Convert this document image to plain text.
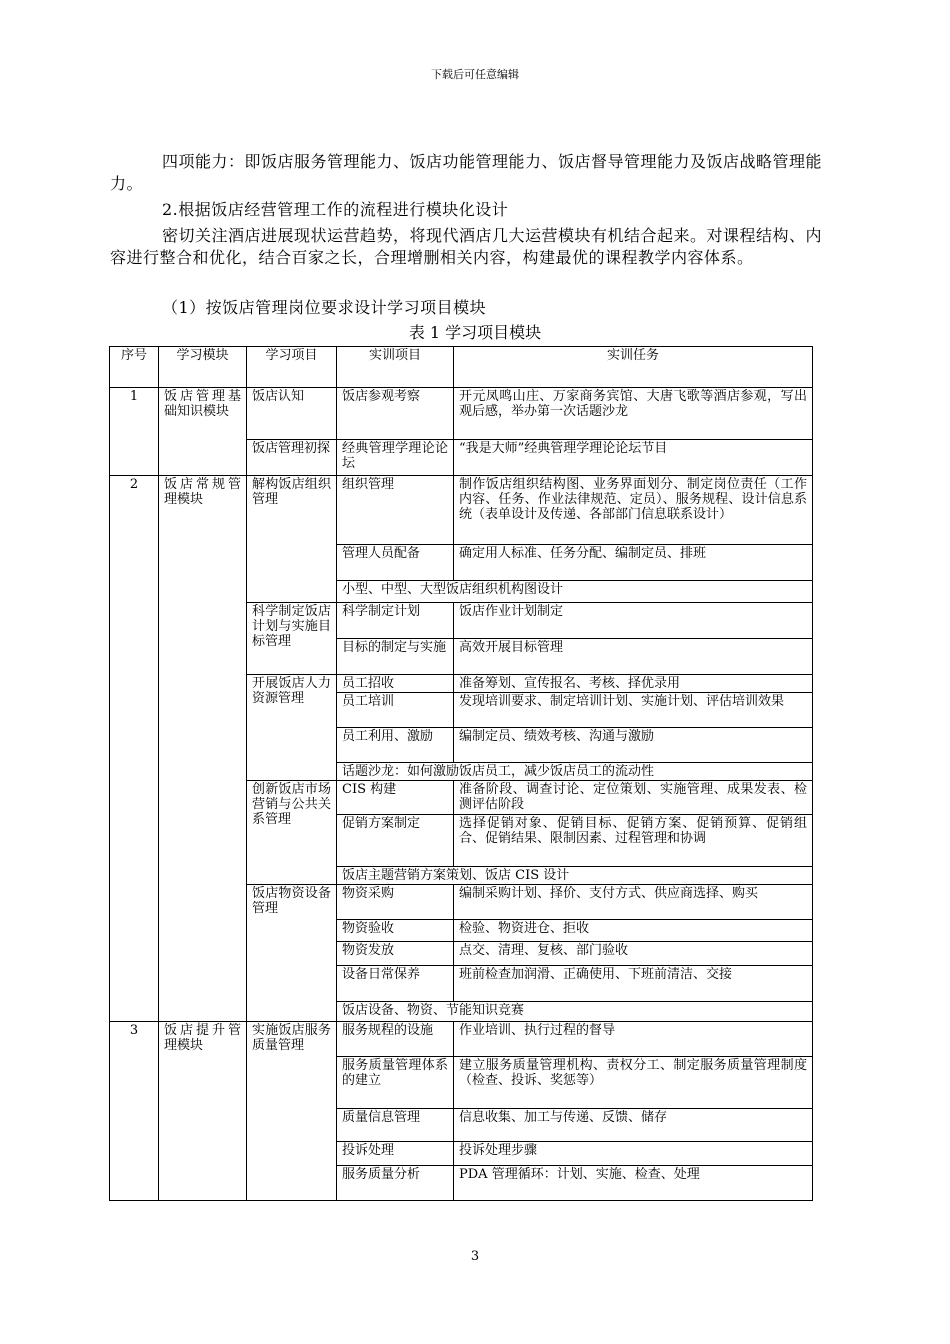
下载后可任意编辑
四项能力：即饭店服务管理能力、饭店功能管理能力、饭店督导管理能力及饭店战略管理能力。
2.根据饭店经营管理工作的流程进行模块化设计
密切关注酒店进展现状运营趋势，将现代酒店几大运营模块有机结合起来。对课程结构、内容进行整合和优化，结合百家之长，合理增删相关内容，构建最优的课程教学内容体系。
（1）按饭店管理岗位要求设计学习项目模块
表 1 学习项目模块
序号	学习模块	学习项目	实训项目	实训任务
1	饭店管理基础知识模块	饭店认知	饭店参观考察	开元凤鸣山庄、万家商务宾馆、大唐飞歌等酒店参观，写出观后感，举办第一次话题沙龙
		饭店管理初探	经典管理学理论论坛	“我是大师”经典管理学理论论坛节目
2	饭店常规管理模块	解构饭店组织管理	组织管理	制作饭店组织结构图、业务界面划分、制定岗位责任（工作内容、任务、作业法律规范、定员）、服务规程、设计信息系统（表单设计及传递、各部部门信息联系设计）
			管理人员配备	确定用人标准、任务分配、编制定员、排班
			小型、中型、大型饭店组织机构图设计	
		科学制定饭店计划与实施目标管理	科学制定计划	饭店作业计划制定
			目标的制定与实施	高效开展目标管理
		开展饭店人力资源管理	员工招收	准备筹划、宣传报名、考核、择优录用
			员工培训	发现培训要求、制定培训计划、实施计划、评估培训效果
			员工利用、激励	编制定员、绩效考核、沟通与激励
			话题沙龙：如何激励饭店员工，减少饭店员工的流动性	
		创新饭店市场营销与公共关系管理	CIS 构建	准备阶段、调查讨论、定位策划、实施管理、成果发表、检测评估阶段
			促销方案制定	选择促销对象、促销目标、促销方案、促销预算、促销组合、促销结果、限制因素、过程管理和协调
			饭店主题营销方案策划、饭店 CIS 设计	
		饭店物资设备管理	物资采购	编制采购计划、择价、支付方式、供应商选择、购买
			物资验收	检验、物资进仓、拒收
			物资发放	点交、清理、复核、部门验收
			设备日常保养	班前检查加润滑、正确使用、下班前清洁、交接
			饭店设备、物资、节能知识竞赛	
3	饭店提升管理模块	实施饭店服务质量管理	服务规程的设施	作业培训、执行过程的督导
			服务质量管理体系的建立	建立服务质量管理机构、责权分工、制定服务质量管理制度（检查、投诉、奖惩等）
			质量信息管理	信息收集、加工与传递、反馈、储存
			投诉处理	投诉处理步骤
			服务质量分析	PDA 管理循环：计划、实施、检查、处理
3
